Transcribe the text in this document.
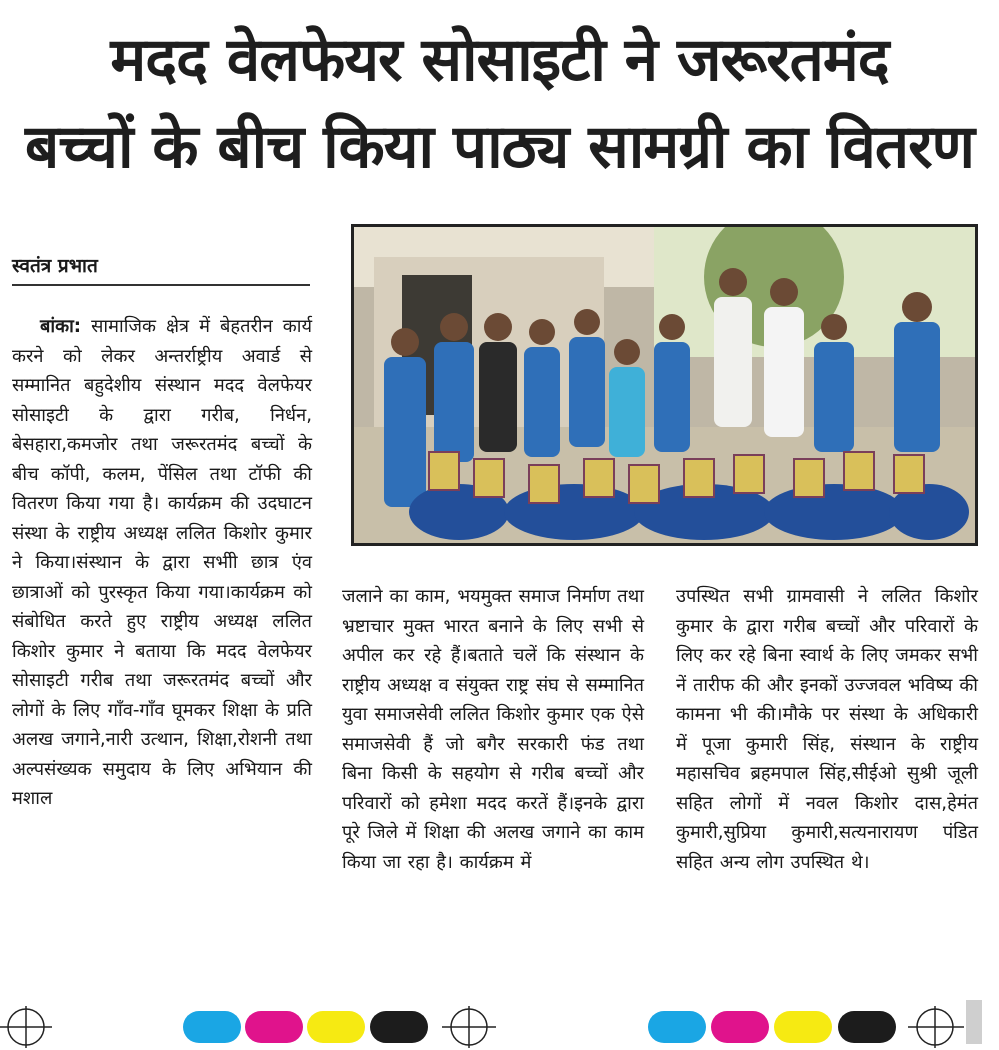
मदद वेलफेयर सोसाइटी ने जरूरतमंद
बच्चों के बीच किया पाठ्य सामग्री का वितरण
स्वतंत्र प्रभात
बांका: सामाजिक क्षेत्र में बेहतरीन कार्य करने को लेकर अन्तर्राष्ट्रीय अवार्ड से सम्मानित बहुदेशीय संस्थान मदद वेलफेयर सोसाइटी के द्वारा गरीब, निर्धन, बेसहारा,कमजोर तथा जरूरतमंद बच्चों के बीच कॉपी, कलम, पेंसिल तथा टॉफी की वितरण किया गया है। कार्यक्रम की उदघाटन संस्था के राष्ट्रीय अध्यक्ष ललित किशोर कुमार ने किया।संस्थान के द्वारा सभीी छात्र एंव छात्राओं को पुरस्कृत किया गया।कार्यक्रम को संबोधित करते हुए राष्ट्रीय अध्यक्ष ललित किशोर कुमार ने बताया कि मदद वेलफेयर सोसाइटी गरीब तथा जरूरतमंद बच्चों और लोगों के लिए गाँव-गाँव घूमकर शिक्षा के प्रति अलख जगाने,नारी उत्थान, शिक्षा,रोशनी तथा अल्पसंख्यक समुदाय के लिए अभियान की मशाल
जलाने का काम, भयमुक्त समाज निर्माण तथा भ्रष्टाचार मुक्त भारत बनाने के लिए सभी से अपील कर रहे हैं।बताते चलें कि संस्थान के राष्ट्रीय अध्यक्ष व संयुक्त राष्ट्र संघ से सम्मानित युवा समाजसेवी ललित किशोर कुमार एक ऐसे समाजसेवी हैं जो बगैर सरकारी फंड तथा बिना किसी के सहयोग से गरीब बच्चों और परिवारों को हमेशा मदद करतें हैं।इनके द्वारा पूरे जिले में शिक्षा की अलख जगाने का काम किया जा रहा है। कार्यक्रम में
उपस्थित सभी ग्रामवासी ने ललित किशोर कुमार के द्वारा गरीब बच्चों और परिवारों के लिए कर रहे बिना स्वार्थ के लिए जमकर सभी नें तारीफ की और इनकों उज्जवल भविष्य की कामना भी की।मौके पर संस्था के अधिकारी में पूजा कुमारी सिंह, संस्थान के राष्ट्रीय महासचिव ब्रहमपाल सिंह,सीईओ सुश्री जूली सहित लोगों में नवल किशोर दास,हेमंत कुमारी,सुप्रिया कुमारी,सत्यनारायण पंडित सहित अन्य लोग उपस्थित थे।
